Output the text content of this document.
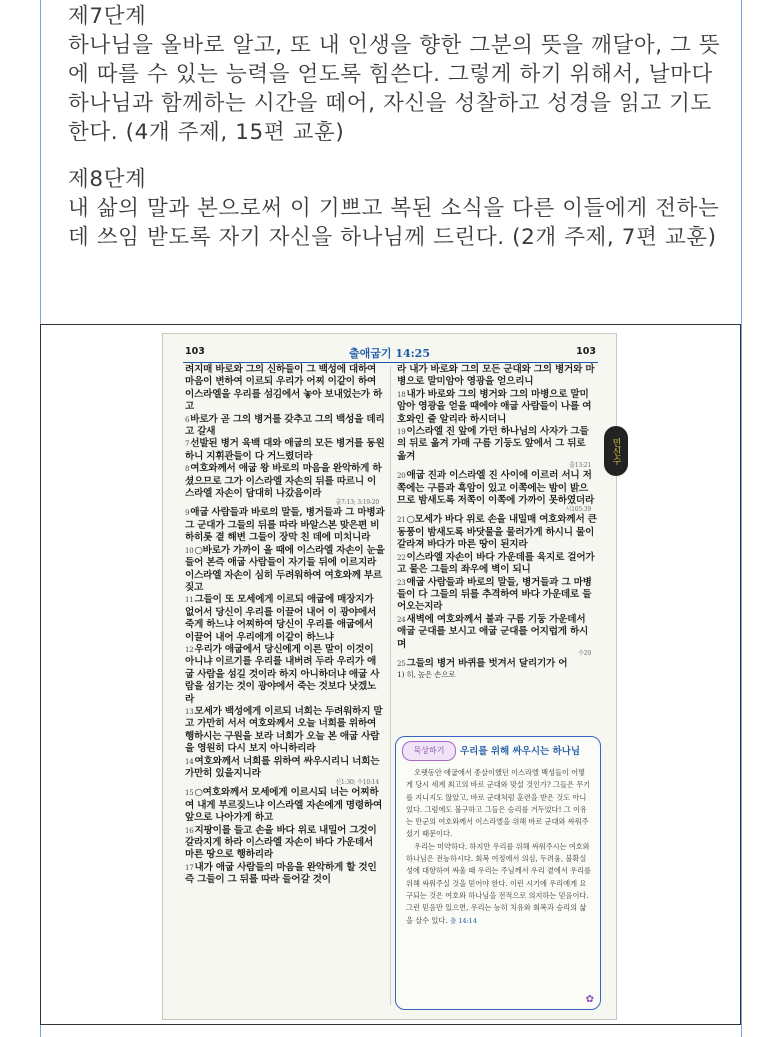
제7단계

하나님을 올바로 알고, 또 내 인생을 향한 그분의 뜻을 깨달아, 그 뜻에 따를 수 있는 능력을 얻도록 힘쓴다. 그렇게 하기 위해서, 날마다 하나님과 함께하는 시간을 떼어, 자신을 성찰하고 성경을 읽고 기도한다. (4개 주제, 15편 교훈)

제8단계

내 삶의 말과 본으로써 이 기쁘고 복된 소식을 다른 이들에게 전하는 데 쓰임 받도록 자기 자신을 하나님께 드린다. (2개 주제, 7편 교훈)

103	출애굽기 14:25	103

려지매 바로와 그의 신하들이 그 백성에 대하여 마음이 변하여 이르되 우리가 어찌 이같이 하여 이스라엘을 우리를 섬김에서 놓아 보내었는가 하고

6바로가 곧 그의 병거를 갖추고 그의 백성을 데리고 갈새

7선발된 병거 육백 대와 애굽의 모든 병거를 동원하니 지휘관들이 다 거느렸더라

8여호와께서 애굽 왕 바로의 마음을 완악하게 하셨으므로 그가 이스라엘 자손의 뒤를 따르니 이스라엘 자손이 담대히 나갔음이라

출7:13; 3:19-20

9애굽 사람들과 바로의 말들, 병거들과 그 마병과 그 군대가 그들의 뒤를 따라 바알스본 맞은편 비하히롯 곁 해변 그들이 장막 친 데에 미치니라

10○바로가 가까이 올 때에 이스라엘 자손이 눈을 들어 본즉 애굽 사람들이 자기들 뒤에 이르지라 이스라엘 자손이 심히 두려워하여 여호와께 부르짖고

11그들이 또 모세에게 이르되 애굽에 매장지가 없어서 당신이 우리를 이끌어 내어 이 광야에서 죽게 하느냐 어찌하여 당신이 우리를 애굽에서 이끌어 내어 우리에게 이같이 하느냐

12우리가 애굽에서 당신에게 이른 말이 이것이 아니냐 이르기를 우리를 내버려 두라 우리가 애굽 사람을 섬길 것이라 하지 아니하더냐 애굽 사람을 섬기는 것이 광야에서 죽는 것보다 낫겠노라

13모세가 백성에게 이르되 너희는 두려워하지 말고 가만히 서서 여호와께서 오늘 너희를 위하여 행하시는 구원을 보라 너희가 오늘 본 애굽 사람을 영원히 다시 보지 아니하리라

14여호와께서 너희를 위하여 싸우시리니 너희는 가만히 있을지니라

신1:30; 수10:14

15○여호와께서 모세에게 이르시되 너는 어찌하여 내게 부르짖느냐 이스라엘 자손에게 명령하여 앞으로 나아가게 하고

16지팡이를 들고 손을 바다 위로 내밀어 그것이 갈라지게 하라 이스라엘 자손이 바다 가운데서 마른 땅으로 행하리라

17내가 애굽 사람들의 마음을 완악하게 할 것인즉 그들이 그 뒤를 따라 들어갈 것이

라 내가 바로와 그의 모든 군대와 그의 병거와 마병으로 말미암아 영광을 얻으리니

18내가 바로와 그의 병거와 그의 마병으로 말미암아 영광을 얻을 때에야 애굽 사람들이 나를 여호와인 줄 알리라 하시더니

19이스라엘 진 앞에 가던 하나님의 사자가 그들의 뒤로 옮겨 가매 구름 기둥도 앞에서 그 뒤로 옮겨

출13:21

20애굽 진과 이스라엘 진 사이에 이르러 서니 저쪽에는 구름과 흑암이 있고 이쪽에는 밤이 밝으므로 밤새도록 저쪽이 이쪽에 가까이 못하였더라

시105:39

21○모세가 바다 위로 손을 내밀매 여호와께서 큰 동풍이 밤새도록 바닷물을 물러가게 하시니 물이 갈라져 바다가 마른 땅이 된지라

22이스라엘 자손이 바다 가운데를 육지로 걸어가고 물은 그들의 좌우에 벽이 되니

23애굽 사람들과 바로의 말들, 병거들과 그 마병들이 다 그들의 뒤를 추격하여 바다 가운데로 들어오는지라

24새벽에 여호와께서 불과 구름 기둥 가운데서 애굽 군대를 보시고 애굽 군대를 어지럽게 하시며

수29

25그들의 병거 바퀴를 벗겨서 달리기가 어

1) 히, 높은 손으로

민신수
묵상하기	우리를 위해 싸우시는 하나님

오랫동안 애굽에서 종살이했던 이스라엘 백성들이 어떻게 당시 세계 최고의 바로 군대와 맞설 것인가? 그들은 무기를 지니지도 않았고, 바로 군대처럼 훈련을 받은 것도 아니었다. 그럼에도 불구하고 그들은 승리를 거두었다! 그 이유는 만군의 여호와께서 이스라엘을 위해 바로 군대와 싸워주셨기 때문이다.

우리는 미약하다. 하지만 우리를 위해 싸워주시는 여호와 하나님은 전능하시다. 회복 여정에서 의심, 두려움, 불확실성에 대항하여 싸울 때 우리는 주님께서 우리 곁에서 우리를 위해 싸워주실 것을 믿어야 한다. 이런 시기에 우리에게 요구되는 것은 여호와 하나님을 전적으로 의지하는 믿음이다. 그런 믿음만 있으면, 우리는 능히 치유와 회복과 승리의 삶을 살수 있다. 출 14:14

✿
